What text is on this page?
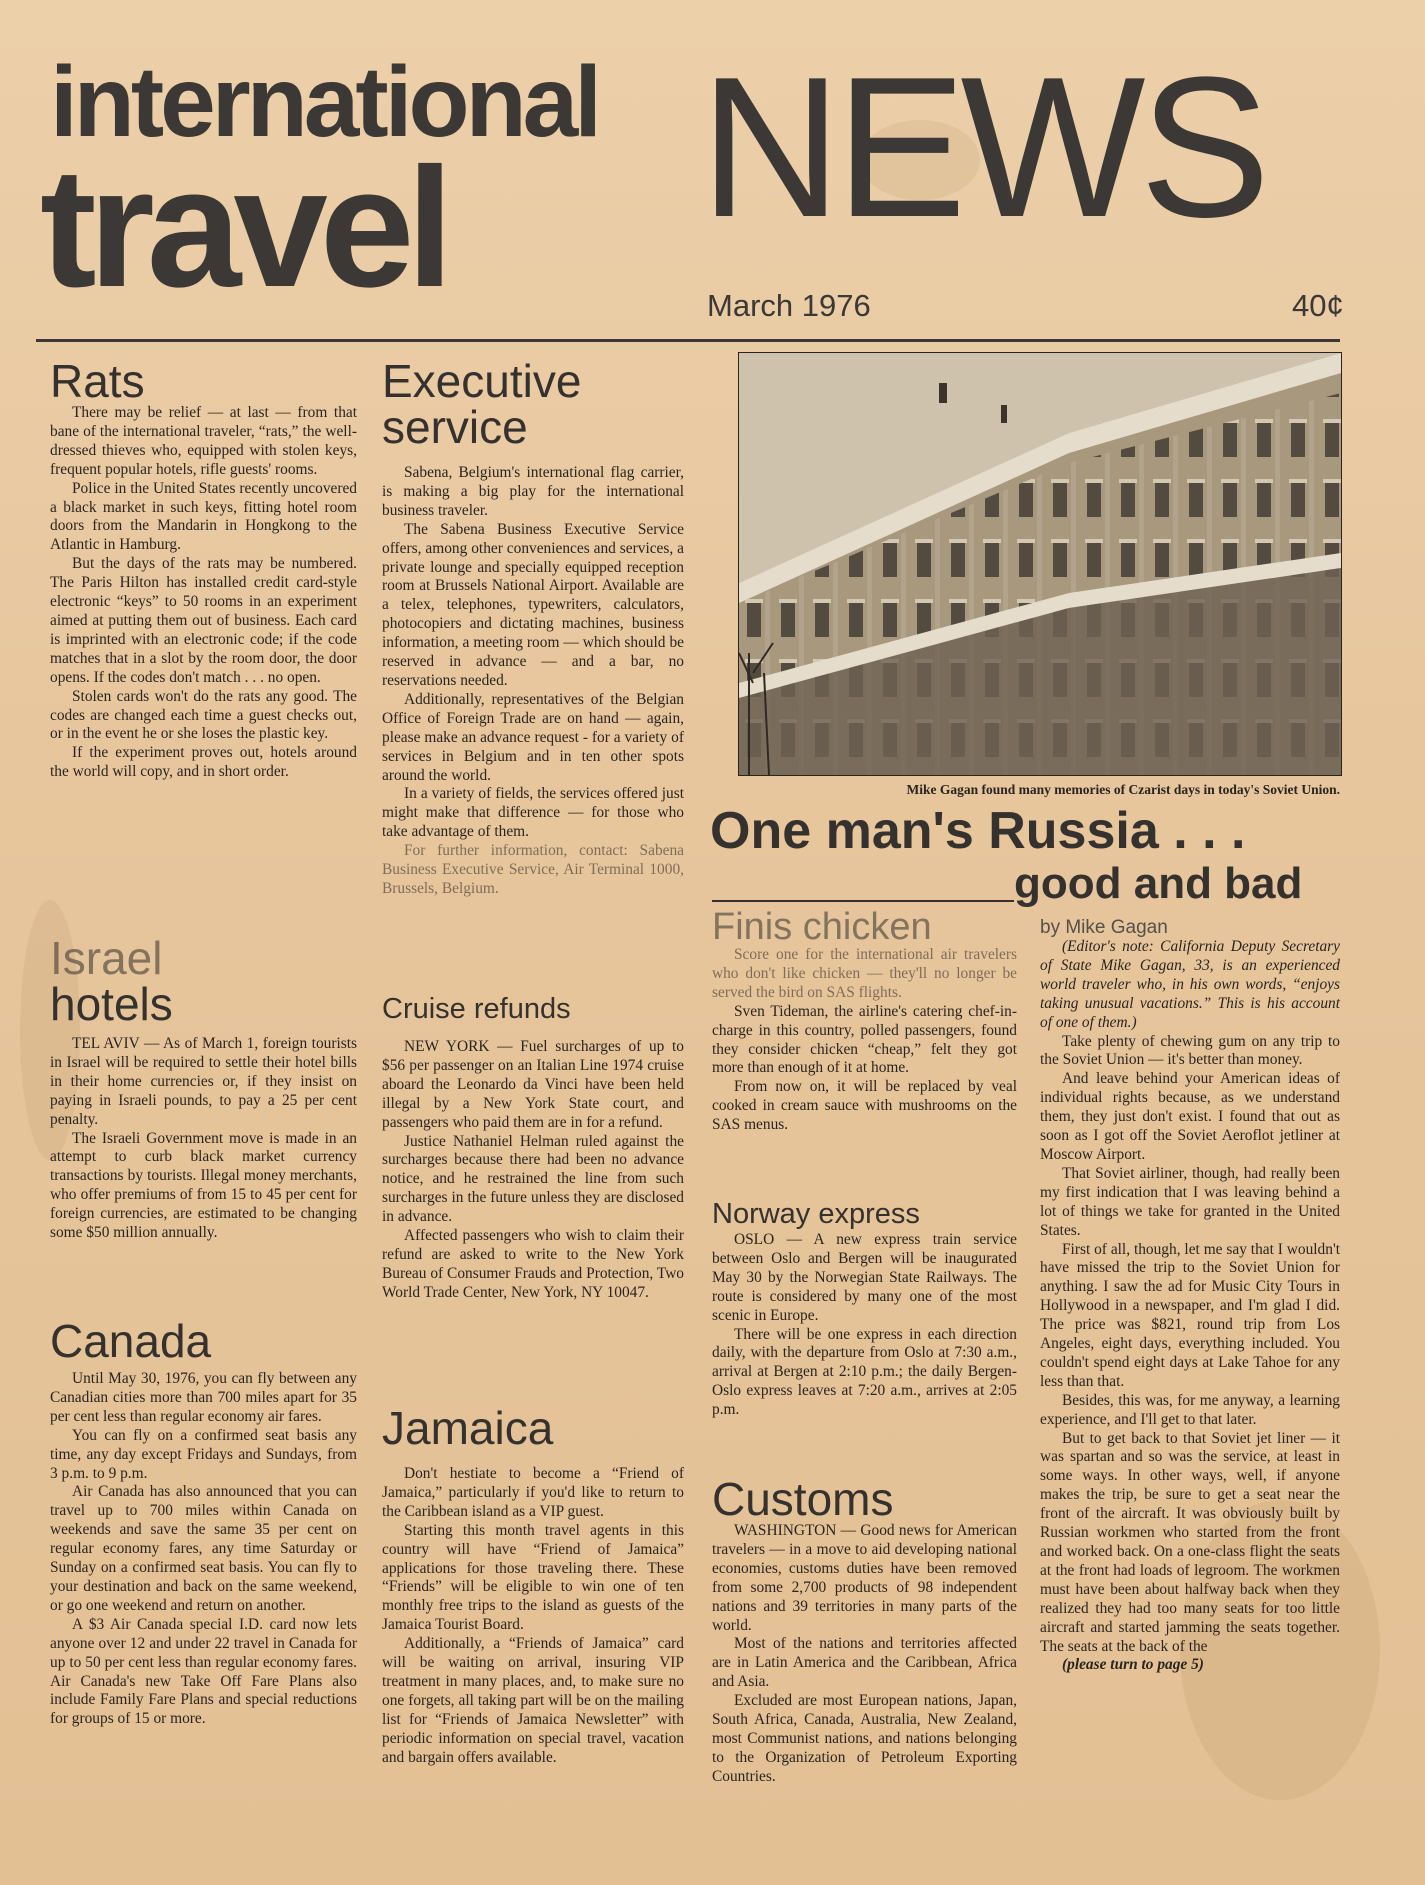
international
travel NEWS
March 1976	40¢
Rats

There may be relief — at last — from that bane of the international traveler, “rats,” the well-dressed thieves who, equipped with stolen keys, frequent popular hotels, rifle guests' rooms.

Police in the United States recently uncovered a black market in such keys, fitting hotel room doors from the Mandarin in Hongkong to the Atlantic in Hamburg.

But the days of the rats may be numbered. The Paris Hilton has installed credit card-style electronic “keys” to 50 rooms in an experiment aimed at putting them out of business. Each card is imprinted with an electronic code; if the code matches that in a slot by the room door, the door opens. If the codes don't match . . . no open.

Stolen cards won't do the rats any good. The codes are changed each time a guest checks out, or in the event he or she loses the plastic key.

If the experiment proves out, hotels around the world will copy, and in short order.

Israel
hotels

TEL AVIV — As of March 1, foreign tourists in Israel will be required to settle their hotel bills in their home currencies or, if they insist on paying in Israeli pounds, to pay a 25 per cent penalty.

The Israeli Government move is made in an attempt to curb black market currency transactions by tourists. Illegal money merchants, who offer premiums of from 15 to 45 per cent for foreign currencies, are estimated to be changing some $50 million annually.

Canada

Until May 30, 1976, you can fly between any Canadian cities more than 700 miles apart for 35 per cent less than regular economy air fares.

You can fly on a confirmed seat basis any time, any day except Fridays and Sundays, from 3 p.m. to 9 p.m.

Air Canada has also announced that you can travel up to 700 miles within Canada on weekends and save the same 35 per cent on regular economy fares, any time Saturday or Sunday on a confirmed seat basis. You can fly to your destination and back on the same weekend, or go one weekend and return on another.

A $3 Air Canada special I.D. card now lets anyone over 12 and under 22 travel in Canada for up to 50 per cent less than regular economy fares. Air Canada's new Take Off Fare Plans also include Family Fare Plans and special reductions for groups of 15 or more.

Executive
service

Sabena, Belgium's international flag carrier, is making a big play for the international business traveler.

The Sabena Business Executive Service offers, among other conveniences and services, a private lounge and specially equipped reception room at Brussels National Airport. Available are a telex, telephones, typewriters, calculators, photocopiers and dictating machines, business information, a meeting room — which should be reserved in advance — and a bar, no reservations needed.

Additionally, representatives of the Belgian Office of Foreign Trade are on hand — again, please make an advance request - for a variety of services in Belgium and in ten other spots around the world.

In a variety of fields, the services offered just might make that difference — for those who take advantage of them.

For further information, contact: Sabena Business Executive Service, Air Terminal 1000, Brussels, Belgium.

Cruise refunds

NEW YORK — Fuel surcharges of up to $56 per passenger on an Italian Line 1974 cruise aboard the Leonardo da Vinci have been held illegal by a New York State court, and passengers who paid them are in for a refund.

Justice Nathaniel Helman ruled against the surcharges because there had been no advance notice, and he restrained the line from such surcharges in the future unless they are disclosed in advance.

Affected passengers who wish to claim their refund are asked to write to the New York Bureau of Consumer Frauds and Protection, Two World Trade Center, New York, NY 10047.

Jamaica

Don't hestiate to become a “Friend of Jamaica,” particularly if you'd like to return to the Caribbean island as a VIP guest.

Starting this month travel agents in this country will have “Friend of Jamaica” applications for those traveling there. These “Friends” will be eligible to win one of ten monthly free trips to the island as guests of the Jamaica Tourist Board.

Additionally, a “Friends of Jamaica” card will be waiting on arrival, insuring VIP treatment in many places, and, to make sure no one forgets, all taking part will be on the mailing list for “Friends of Jamaica Newsletter” with periodic information on special travel, vacation and bargain offers available.

Mike Gagan found many memories of Czarist days in today's Soviet Union.
One man's Russia . . .
good and bad
by Mike Gagan
Finis chicken

Score one for the international air travelers who don't like chicken — they'll no longer be served the bird on SAS flights.

Sven Tideman, the airline's catering chef-in-charge in this country, polled passengers, found they consider chicken “cheap,” felt they got more than enough of it at home.

From now on, it will be replaced by veal cooked in cream sauce with mushrooms on the SAS menus.

Norway express

OSLO — A new express train service between Oslo and Bergen will be inaugurated May 30 by the Norwegian State Railways. The route is considered by many one of the most scenic in Europe.

There will be one express in each direction daily, with the departure from Oslo at 7:30 a.m., arrival at Bergen at 2:10 p.m.; the daily Bergen-Oslo express leaves at 7:20 a.m., arrives at 2:05 p.m.

Customs

WASHINGTON — Good news for American travelers — in a move to aid developing national economies, customs duties have been removed from some 2,700 products of 98 independent nations and 39 territories in many parts of the world.

Most of the nations and territories affected are in Latin America and the Caribbean, Africa and Asia.

Excluded are most European nations, Japan, South Africa, Canada, Australia, New Zealand, most Communist nations, and nations belonging to the Organization of Petroleum Exporting Countries.

(Editor's note: California Deputy Secretary of State Mike Gagan, 33, is an experienced world traveler who, in his own words, “enjoys taking unusual vacations.” This is his account of one of them.)

Take plenty of chewing gum on any trip to the Soviet Union — it's better than money.

And leave behind your American ideas of individual rights because, as we understand them, they just don't exist. I found that out as soon as I got off the Soviet Aeroflot jetliner at Moscow Airport.

That Soviet airliner, though, had really been my first indication that I was leaving behind a lot of things we take for granted in the United States.

First of all, though, let me say that I wouldn't have missed the trip to the Soviet Union for anything. I saw the ad for Music City Tours in Hollywood in a newspaper, and I'm glad I did. The price was $821, round trip from Los Angeles, eight days, everything included. You couldn't spend eight days at Lake Tahoe for any less than that.

Besides, this was, for me anyway, a learning experience, and I'll get to that later.

But to get back to that Soviet jet liner — it was spartan and so was the service, at least in some ways. In other ways, well, if anyone makes the trip, be sure to get a seat near the front of the aircraft. It was obviously built by Russian workmen who started from the front and worked back. On a one-class flight the seats at the front had loads of legroom. The workmen must have been about halfway back when they realized they had too many seats for too little aircraft and started jamming the seats together. The seats at the back of the

(please turn to page 5)
